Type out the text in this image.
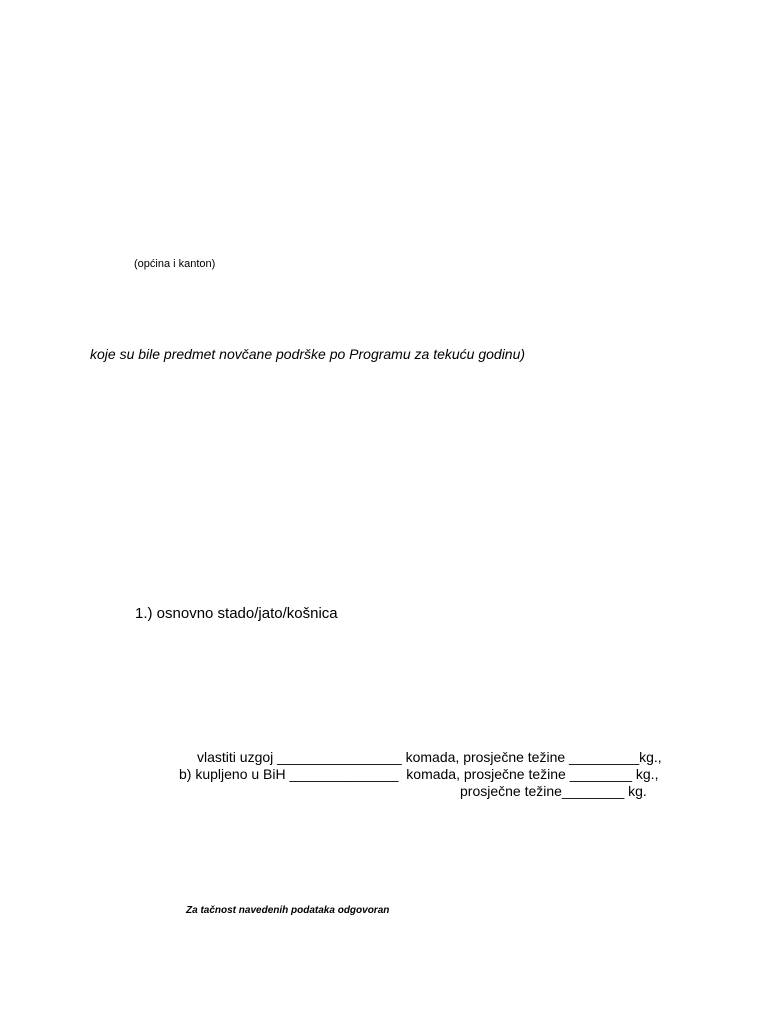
(općina i kanton)
koje su bile predmet novčane podrške po Programu za tekuću godinu)
1.) osnovno stado/jato/košnica
vlastiti uzgoj ________________ komada, prosječne težine _________kg.,
b) kupljeno u BiH ______________  komada, prosječne težine ________ kg.,
prosječne težine________ kg.
Za tačnost navedenih podataka odgovoran
